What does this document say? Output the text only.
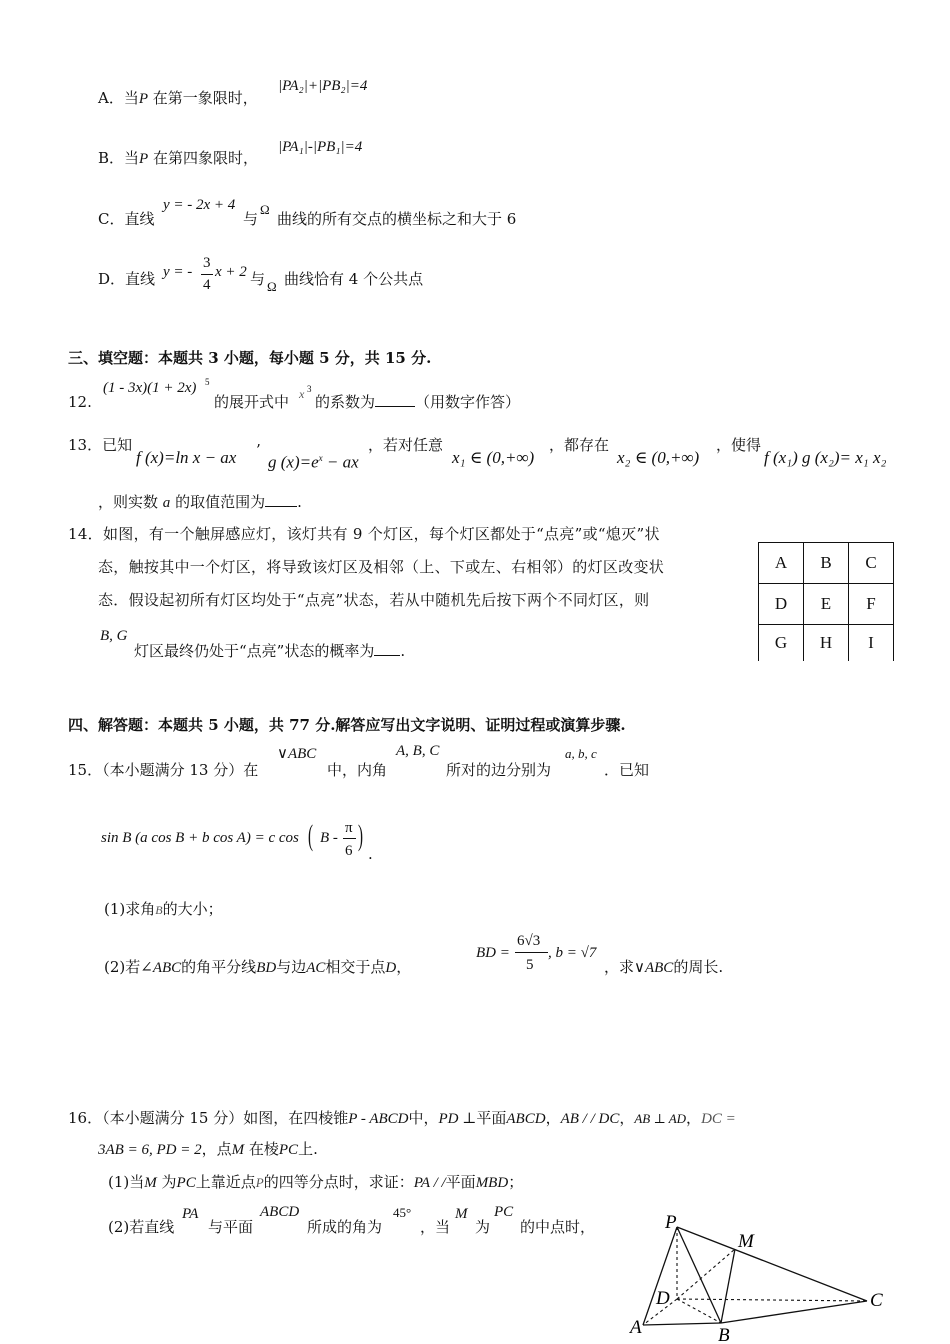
A．当P 在第一象限时，
|PA₂|+|PB₂|=4
B．当P 在第四象限时，
|PA₁|-|PB₁|=4
C．直线
y = - 2x + 4
与
Ω
曲线的所有交点的横坐标之和大于 6
D．直线 y = -
3
4
x + 2 与 Ω 曲线恰有 4 个公共点
三、填空题：本题共 3 小题，每小题 5 分，共 15 分.
12.
(1 - 3x)(1 + 2x) 5
的展开式中 x 3
的系数为	（用数字作答）
13．已知
f (x)=ln x − ax ’
g $(x)=e^x$ − ax
，若对任意
x₁ ∈ (0,+∞)
，都存在
x₂ ∈ (0,+∞)
，使得
f (x₁) g (x₂)= x₁ x₂
，则实数 a 的取值范围为 .
14．如图，有一个触屏感应灯，该灯共有 9 个灯区，每个灯区都处于“点亮”或“熄灭”状
态，触按其中一个灯区，将导致该灯区及相邻（上、下或左、右相邻）的灯区改变状
态．假设起初所有灯区均处于“点亮”状态，若从中随机先后按下两个不同灯区，则
B, G
灯区最终仍处于“点亮”状态的概率为 .
A	B	C
D	E	F
G	H	I
四、解答题：本题共 5 小题，共 77 分.解答应写出文字说明、证明过程或演算步骤.
15．（本小题满分 13 分）在
∨ABC
中，内角
A, B, C
所对的边分别为
a, b, c
．已知
sin B (a cos B + b cos A) = c cos ( B -
π
6 )
.
(1)求角B的大小；
(2)若∠ABC的角平分线BD与边AC相交于点D，
BD =
6√3
5
, b = √7
，求∨ABC的周长.
16．（本小题满分 15 分）如图，在四棱锥P - ABCD中，PD ⊥平面ABCD，AB / / DC，AB ⊥ AD，DC =
3AB = 6, PD = 2，点M 在棱PC上.
(1)当M 为PC上靠近点P的四等分点时，求证：PA / /平面MBD；
(2)若直线
PA
与平面
ABCD
所成的角为
45°
，当
M
为
PC
的中点时，	P
M
D	C
A	B
